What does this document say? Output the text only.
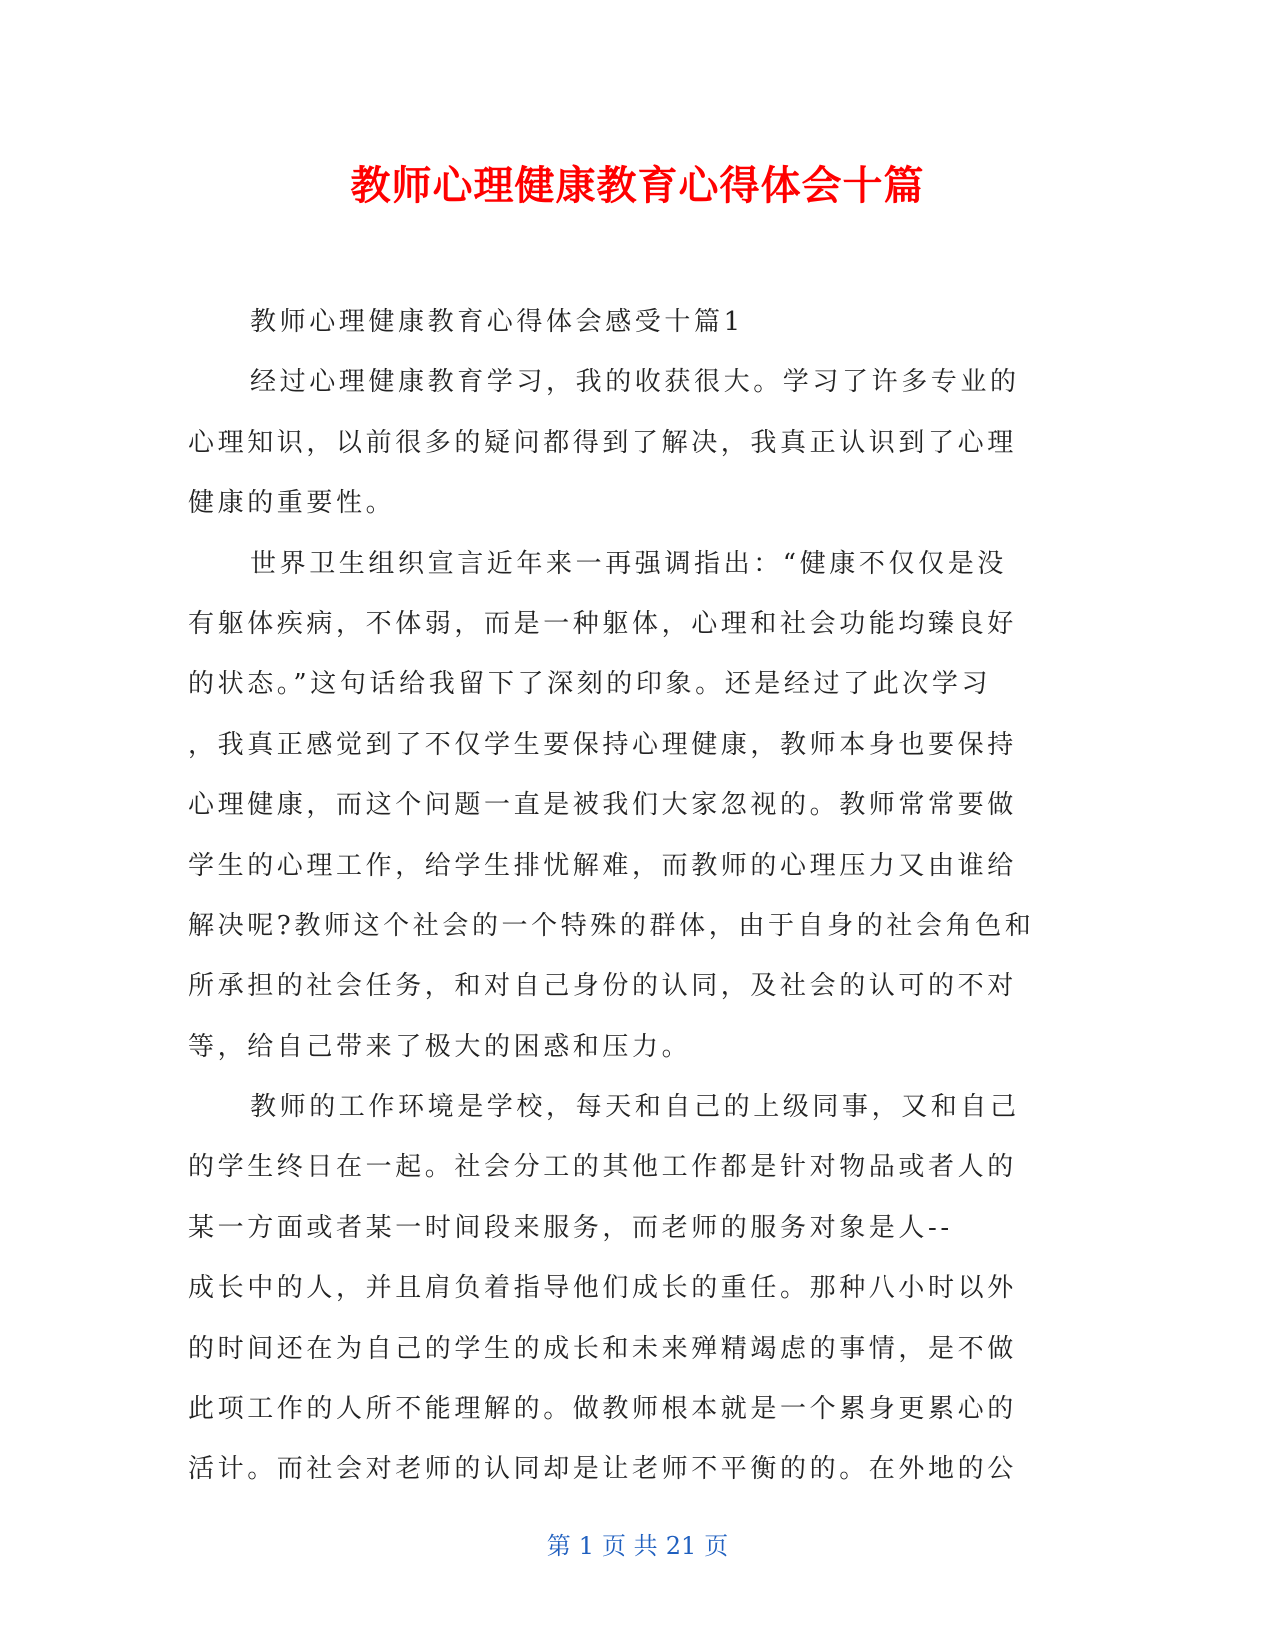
教师心理健康教育心得体会十篇
教师心理健康教育心得体会感受十篇1
经过心理健康教育学习，我的收获很大。学习了许多专业的
心理知识，以前很多的疑问都得到了解决，我真正认识到了心理
健康的重要性。
世界卫生组织宣言近年来一再强调指出：“健康不仅仅是没
有躯体疾病，不体弱，而是一种躯体，心理和社会功能均臻良好
的状态。”这句话给我留下了深刻的印象。还是经过了此次学习
，我真正感觉到了不仅学生要保持心理健康，教师本身也要保持
心理健康，而这个问题一直是被我们大家忽视的。教师常常要做
学生的心理工作，给学生排忧解难，而教师的心理压力又由谁给
解决呢?教师这个社会的一个特殊的群体，由于自身的社会角色和
所承担的社会任务，和对自己身份的认同，及社会的认可的不对
等，给自己带来了极大的困惑和压力。
教师的工作环境是学校，每天和自己的上级同事，又和自己
的学生终日在一起。社会分工的其他工作都是针对物品或者人的
某一方面或者某一时间段来服务，而老师的服务对象是人--
成长中的人，并且肩负着指导他们成长的重任。那种八小时以外
的时间还在为自己的学生的成长和未来殚精竭虑的事情，是不做
此项工作的人所不能理解的。做教师根本就是一个累身更累心的
活计。而社会对老师的认同却是让老师不平衡的的。在外地的公
第 1 页 共 21 页
